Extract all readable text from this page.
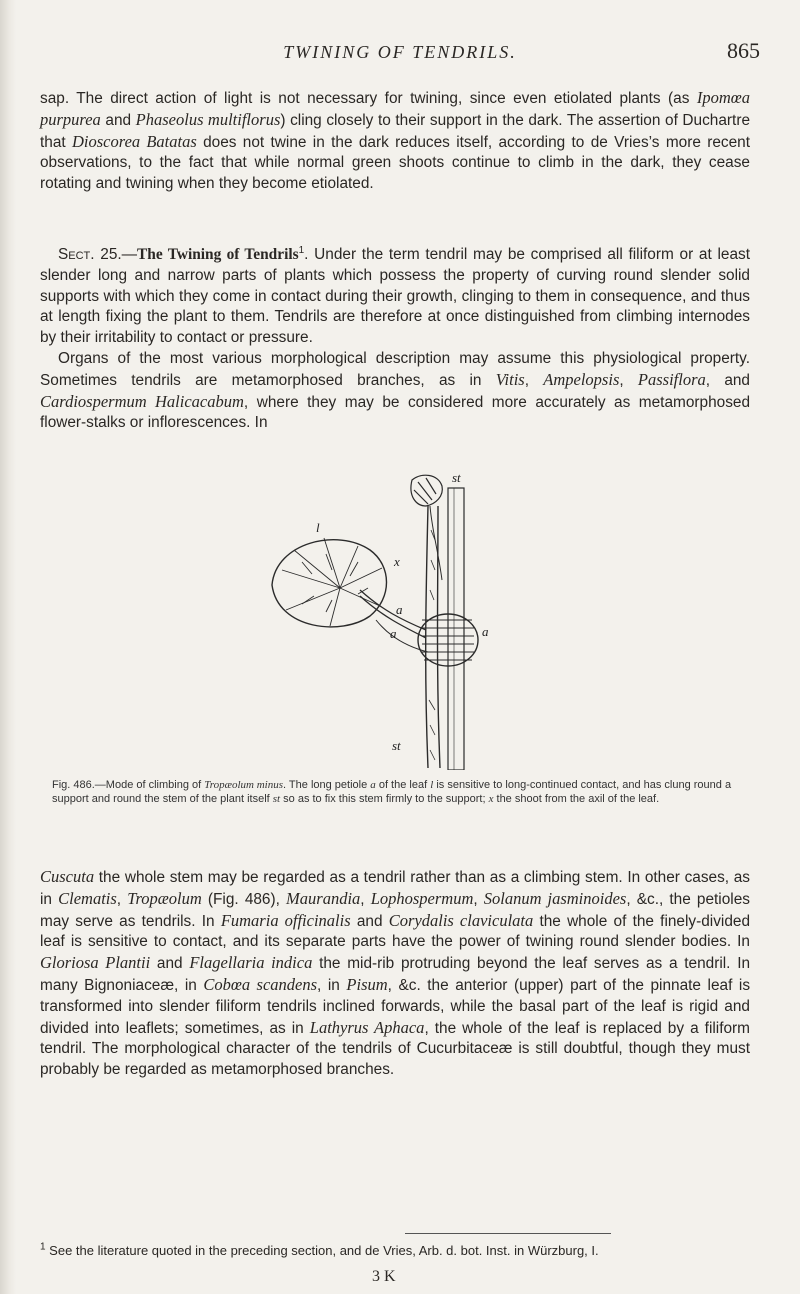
TWINING OF TENDRILS.	865

sap. The direct action of light is not necessary for twining, since even etiolated plants (as Ipomœa purpurea and Phaseolus multiflorus) cling closely to their support in the dark. The assertion of Duchartre that Dioscorea Batatas does not twine in the dark reduces itself, according to de Vries’s more recent observations, to the fact that while normal green shoots continue to climb in the dark, they cease rotating and twining when they become etiolated.

Sect. 25.—The Twining of Tendrils$^1$. Under the term tendril may be comprised all filiform or at least slender long and narrow parts of plants which possess the property of curving round slender solid supports with which they come in contact during their growth, clinging to them in consequence, and thus at length fixing the plant to them. Tendrils are therefore at once distinguished from climbing internodes by their irritability to contact or pressure.

Organs of the most various morphological description may assume this physiological property. Sometimes tendrils are metamorphosed branches, as in Vitis, Ampelopsis, Passiflora, and Cardiospermum Halicacabum, where they may be considered more accurately as metamorphosed flower-stalks or inflorescences. In

st
l
x
a
a	a
st
Fig. 486.—Mode of climbing of Tropæolum minus. The long petiole a of the leaf l is sensitive to long-continued contact, and has clung round a support and round the stem of the plant itself st so as to fix this stem firmly to the support; x the shoot from the axil of the leaf.

Cuscuta the whole stem may be regarded as a tendril rather than as a climbing stem. In other cases, as in Clematis, Tropæolum (Fig. 486), Maurandia, Lophospermum, Solanum jasminoides, &c., the petioles may serve as tendrils. In Fumaria officinalis and Corydalis claviculata the whole of the finely-divided leaf is sensitive to contact, and its separate parts have the power of twining round slender bodies. In Gloriosa Plantii and Flagellaria indica the mid-rib protruding beyond the leaf serves as a tendril. In many Bignoniaceæ, in Cobœa scandens, in Pisum, &c. the anterior (upper) part of the pinnate leaf is transformed into slender filiform tendrils inclined forwards, while the basal part of the leaf is rigid and divided into leaflets; sometimes, as in Lathyrus Aphaca, the whole of the leaf is replaced by a filiform tendril. The morphological character of the tendrils of Cucurbitaceæ is still doubtful, though they must probably be regarded as metamorphosed branches.

$^1$ See the literature quoted in the preceding section, and de Vries, Arb. d. bot. Inst. in Würzburg, I.
3 K
